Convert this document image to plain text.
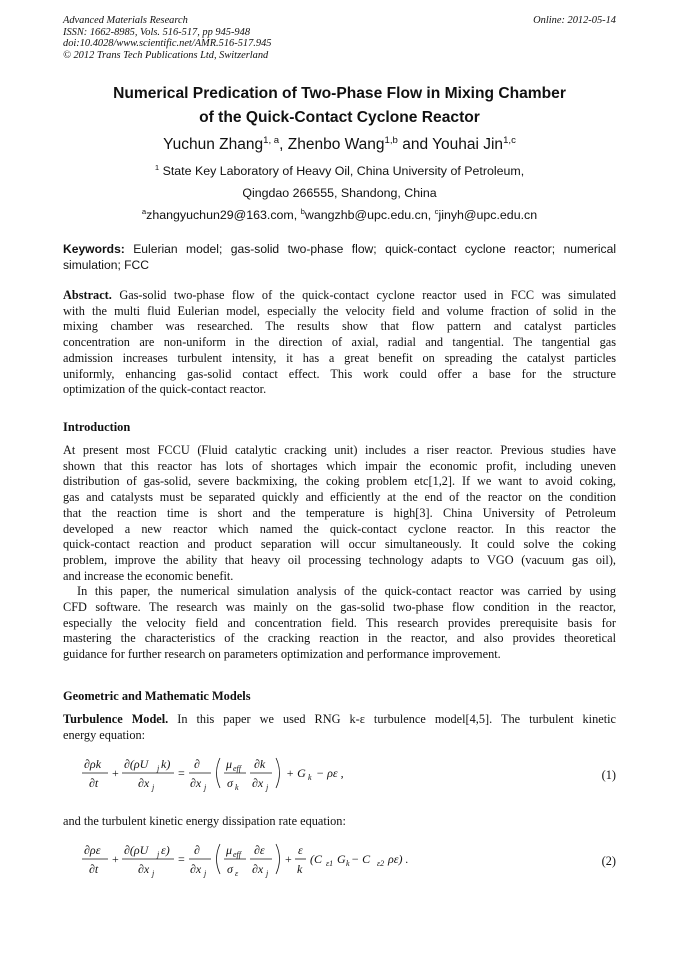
Advanced Materials Research
ISSN: 1662-8985, Vols. 516-517, pp 945-948
doi:10.4028/www.scientific.net/AMR.516-517.945
© 2012 Trans Tech Publications Ltd, Switzerland
Online: 2012-05-14
Numerical Predication of Two-Phase Flow in Mixing Chamber
of the Quick-Contact Cyclone Reactor
Yuchun Zhang$^{1, a}$, Zhenbo Wang$^{1,b}$ and Youhai Jin$^{1,c}$
$^1$ State Key Laboratory of Heavy Oil, China University of Petroleum,
Qingdao 266555, Shandong, China
$^a$zhangyuchun29@163.com, $^b$wangzhb@upc.edu.cn, $^c$jinyh@upc.edu.cn
Keywords: Eulerian model; gas-solid two-phase flow; quick-contact cyclone reactor; numerical
simulation; FCC
Abstract. Gas-solid two-phase flow of the quick-contact cyclone reactor used in FCC was simulated
with the multi fluid Eulerian model, especially the velocity field and volume fraction of solid in the
mixing chamber was researched. The results show that flow pattern and catalyst particles
concentration are non-uniform in the direction of axial, radial and tangential. The tangential gas
admission increases turbulent intensity, it has a great benefit on spreading the catalyst particles
uniformly, enhancing gas-solid contact effect. This work could offer a base for the structure
optimization of the quick-contact reactor.
Introduction
At present most FCCU (Fluid catalytic cracking unit) includes a riser reactor. Previous studies have
shown that this reactor has lots of shortages which impair the economic profit, including uneven
distribution of gas-solid, severe backmixing, the coking problem etc[1,2]. If we want to avoid coking,
gas and catalysts must be separated quickly and efficiently at the end of the reactor on the condition
that the reaction time is short and the temperature is high[3]. China University of Petroleum
developed a new reactor which named the quick-contact cyclone reactor. In this reactor the
quick-contact reaction and product separation will occur simultaneously. It could solve the coking
problem, improve the ability that heavy oil processing technology adapts to VGO (vacuum gas oil),
and increase the economic benefit.
In this paper, the numerical simulation analysis of the quick-contact reactor was carried by using
CFD software. The research was mainly on the gas-solid two-phase flow condition in the reactor,
especially the velocity field and concentration field. This research provides prerequisite basis for
mastering the characteristics of the cracking reaction in the reactor, and also provides theoretical
guidance for further research on parameters optimization and performance improvement.
Geometric and Mathematic Models
Turbulence Model. In this paper we used RNG k-ε turbulence model[4,5]. The turbulent kinetic
energy equation:
∂ρk
∂t
+
∂(ρU j k)
∂x j
=
∂
∂x j
μ eff
σ k
∂k
∂x j
+ G k − ρε ,	(1)
and the turbulent kinetic energy dissipation rate equation:
∂ρε
∂t
+
∂(ρU j ε)
∂x j
=
∂
∂x j
μ eff
σ ε
∂ε
∂x j
+
ε
k
(C ε1 G k − C ε2 ρε) .	(2)
